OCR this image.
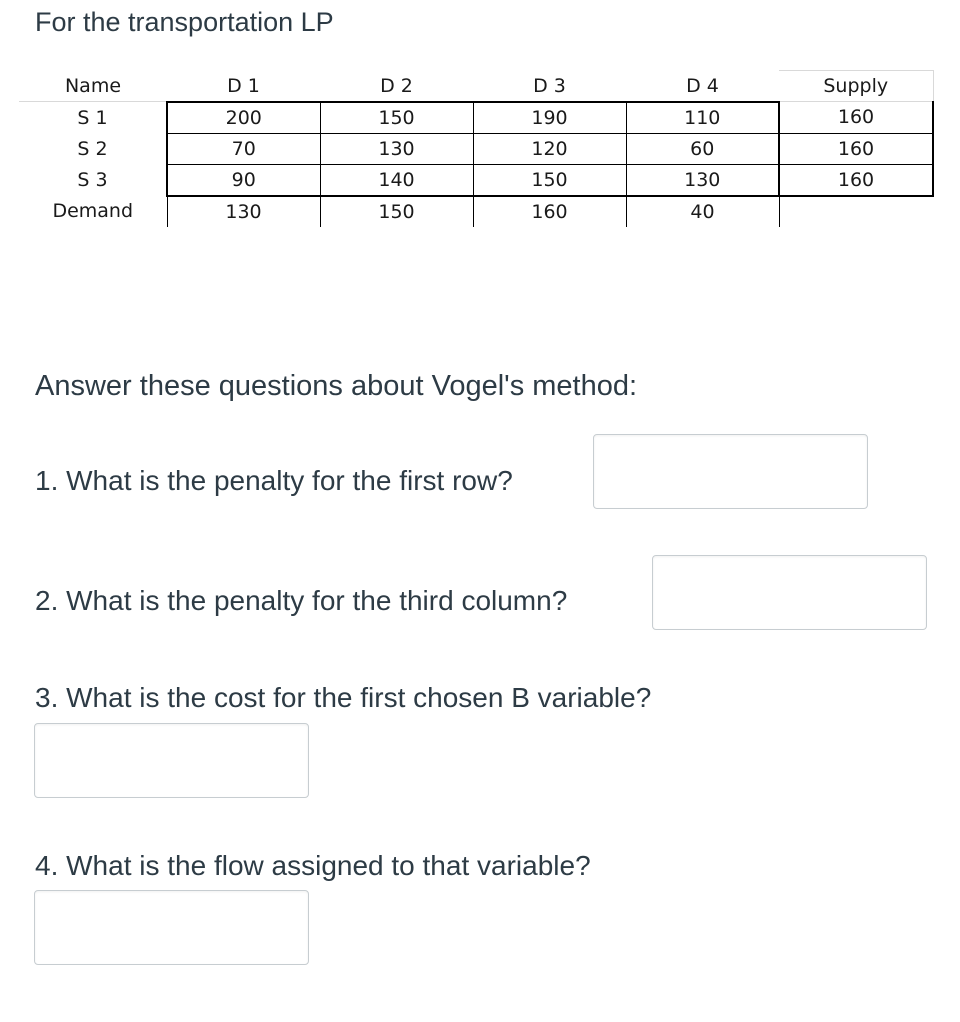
For the transportation LP

Name	D 1	D 2	D 3	D 4	Supply
S 1	200	150	190	110	160
S 2	70	130	120	60	160
S 3	90	140	150	130	160
Demand	130	150	160	40	

Answer these questions about Vogel's method:

1. What is the penalty for the first row?

2. What is the penalty for the third column?

3. What is the cost for the first chosen B variable?

4. What is the flow assigned to that variable?
